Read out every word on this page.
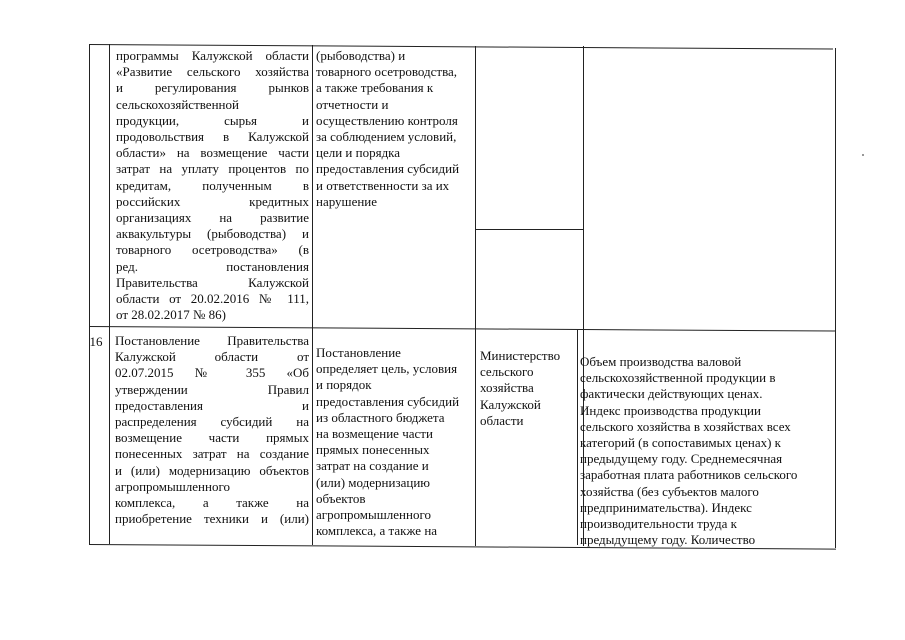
программы Калужской области
«Развитие сельского хозяйства
и регулирования рынков
сельскохозяйственной
продукции, сырья и
продовольствия в Калужской
области» на возмещение части
затрат на уплату процентов по
кредитам, полученным в
российских кредитных
организациях на развитие
аквакультуры (рыбоводства) и
товарного осетроводства» (в
ред. постановления
Правительства Калужской
области от 20.02.2016 № 111,
от 28.02.2017 № 86)
(рыбоводства) и
товарного осетроводства,
а также требования к
отчетности и
осуществлению контроля
за соблюдением условий,
цели и порядка
предоставления субсидий
и ответственности за их
нарушение
16 Постановление Правительства
Калужской области от
02.07.2015 № 355 «Об
утверждении Правил
предоставления и
распределения субсидий на
возмещение части прямых
понесенных затрат на создание
и (или) модернизацию объектов
агропромышленного
комплекса, а также на
приобретение техники и (или)
Постановление
определяет цель, условия
и порядок
предоставления субсидий
из областного бюджета
на возмещение части
прямых понесенных
затрат на создание и
(или) модернизацию
объектов
агропромышленного
комплекса, а также на
Министерство
сельского
хозяйства
Калужской
области
Объем производства валовой
сельскохозяйственной продукции в
фактически действующих ценах.
Индекс производства продукции
сельского хозяйства в хозяйствах всех
категорий (в сопоставимых ценах) к
предыдущему году. Среднемесячная
заработная плата работников сельского
хозяйства (без субъектов малого
предпринимательства). Индекс
производительности труда к
предыдущему году. Количество
